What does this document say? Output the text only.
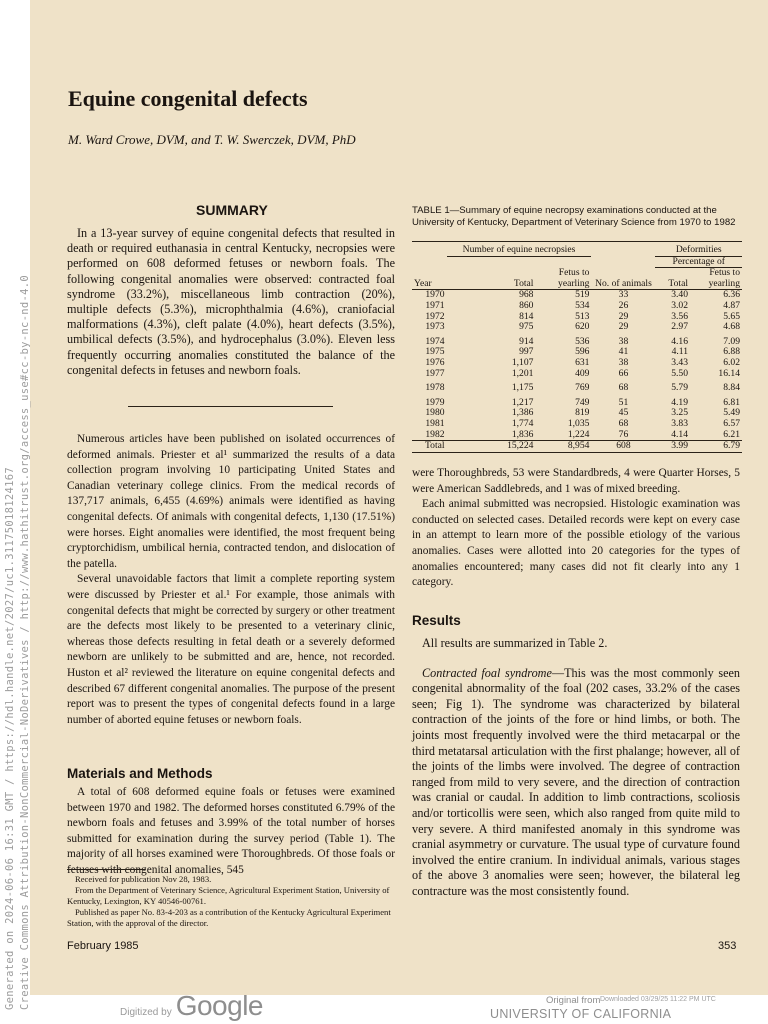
Generated on 2024-06-06 16:31 GMT / https://hdl.handle.net/2027/uc1.31175018124167 Creative Commons Attribution-NonCommercial-NoDerivatives / http://www.hathitrust.org/access_use#cc-by-nc-nd-4.0
Equine congenital defects

M. Ward Crowe, DVM, and T. W. Swerczek, DVM, PhD

SUMMARY

In a 13-year survey of equine congenital defects that resulted in death or required euthanasia in central Kentucky, necropsies were performed on 608 deformed fetuses or newborn foals. The following congenital anomalies were observed: contracted foal syndrome (33.2%), miscellaneous limb contraction (20%), multiple defects (5.3%), microphthalmia (4.6%), craniofacial malformations (4.3%), cleft palate (4.0%), heart defects (3.5%), umbilical defects (3.5%), and hydrocephalus (3.0%). Eleven less frequently occurring anomalies constituted the balance of the congenital defects in fetuses and newborn foals.

Numerous articles have been published on isolated occurrences of deformed animals. Priester et al¹ summarized the results of a data collection program involving 10 participating United States and Canadian veterinary college clinics. From the medical records of 137,717 animals, 6,455 (4.69%) animals were identified as having congenital defects. Of animals with congenital defects, 1,130 (17.51%) were horses. Eight anomalies were identified, the most frequent being cryptorchidism, umbilical hernia, contracted tendon, and dislocation of the patella.

Several unavoidable factors that limit a complete reporting system were discussed by Priester et al.¹ For example, those animals with congenital defects that might be corrected by surgery or other treatment are the defects most likely to be presented to a veterinary clinic, whereas those defects resulting in fetal death or a severely deformed newborn are unlikely to be submitted and are, hence, not recorded. Huston et al² reviewed the literature on equine congenital defects and described 67 different congenital anomalies. The purpose of the present report was to present the types of congenital defects found in a large number of aborted equine fetuses or newborn foals.

Materials and Methods

A total of 608 deformed equine foals or fetuses were examined between 1970 and 1982. The deformed horses constituted 6.79% of the newborn foals and fetuses and 3.99% of the total number of horses submitted for examination during the survey period (Table 1). The majority of all horses examined were Thoroughbreds. Of those foals or fetuses with congenital anomalies, 545

Received for publication Nov 28, 1983.
From the Department of Veterinary Science, Agricultural Experiment Station, University of Kentucky, Lexington, KY 40546-00761.
Published as paper No. 83-4-203 as a contribution of the Kentucky Agricultural Experiment Station, with the approval of the director.
TABLE 1—Summary of equine necropsy examinations conducted at the University of Kentucky, Department of Veterinary Science from 1970 to 1982
	Number of equine necropsies			Deformities	
				Percentage of	
Year	Total	Fetus to yearling	No. of animals	Total	Fetus to yearling
1970	968	519	33	3.40	6.36
1971	860	534	26	3.02	4.87
1972	814	513	29	3.56	5.65
1973	975	620	29	2.97	4.68
1974	914	536	38	4.16	7.09
1975	997	596	41	4.11	6.88
1976	1,107	631	38	3.43	6.02
1977	1,201	409	66	5.50	16.14
1978	1,175	769	68	5.79	8.84
1979	1,217	749	51	4.19	6.81
1980	1,386	819	45	3.25	5.49
1981	1,774	1,035	68	3.83	6.57
1982	1,836	1,224	76	4.14	6.21
Total	15,224	8,954	608	3.99	6.79

were Thoroughbreds, 53 were Standardbreds, 4 were Quarter Horses, 5 were American Saddlebreds, and 1 was of mixed breeding.

Each animal submitted was necropsied. Histologic examination was conducted on selected cases. Detailed records were kept on every case in an attempt to learn more of the possible etiology of the various anomalies. Cases were allotted into 20 categories for the types of anomalies encountered; many cases did not fit clearly into any 1 category.

Results

All results are summarized in Table 2.

Contracted foal syndrome—This was the most commonly seen congenital abnormality of the foal (202 cases, 33.2% of the cases seen; Fig 1). The syndrome was characterized by bilateral contraction of the joints of the fore or hind limbs, or both. The joints most frequently involved were the third metacarpal or the third metatarsal articulation with the first phalange; however, all of the joints of the limbs were involved. The degree of contraction ranged from mild to very severe, and the direction of contraction was cranial or caudal. In addition to limb contractions, scoliosis and/or torticollis were seen, which also ranged from quite mild to very severe. A third manifested anomaly in this syndrome was cranial asymmetry or curvature. The usual type of curvature found involved the entire cranium. In individual animals, various stages of the above 3 anomalies were seen; however, the bilateral leg contracture was the most consistently found.

February 1985	353
Digitized by Google	Original from Downloaded 03/29/25 11:22 PM UTC
UNIVERSITY OF CALIFORNIA
